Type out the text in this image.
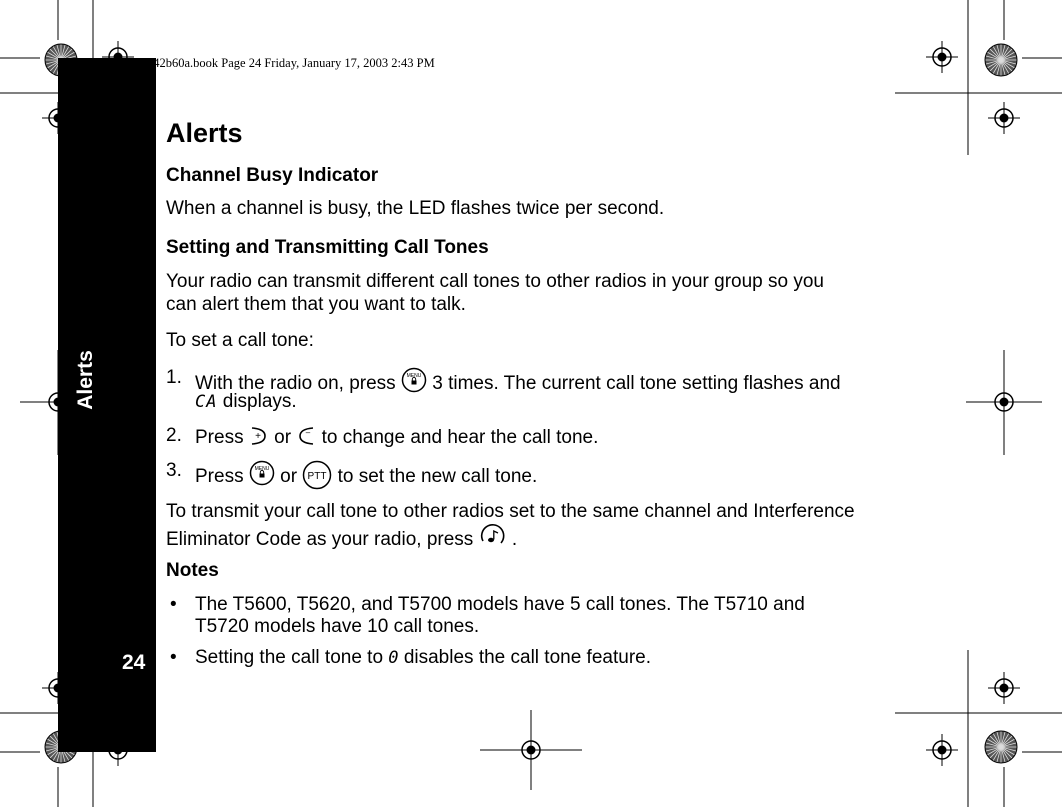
Alerts
24
042b60a.book Page 24 Friday, January 17, 2003 2:43 PM
Alerts
Channel Busy Indicator
When a channel is busy, the LED flashes twice per second.
Setting and Transmitting Call Tones
Your radio can transmit different call tones to other radios in your group so you
can alert them that you want to talk.
To set a call tone:
1. With the radio on, press MENU 3 times. The current call tone setting flashes and
CA displays.
2. Press + or – to change and hear the call tone.
3. Press MENU or PTT to set the new call tone.
To transmit your call tone to other radios set to the same channel and Interference
Eliminator Code as your radio, press .
Notes
• The T5600, T5620, and T5700 models have 5 call tones. The T5710 and
T5720 models have 10 call tones.
• Setting the call tone to 0 disables the call tone feature.
